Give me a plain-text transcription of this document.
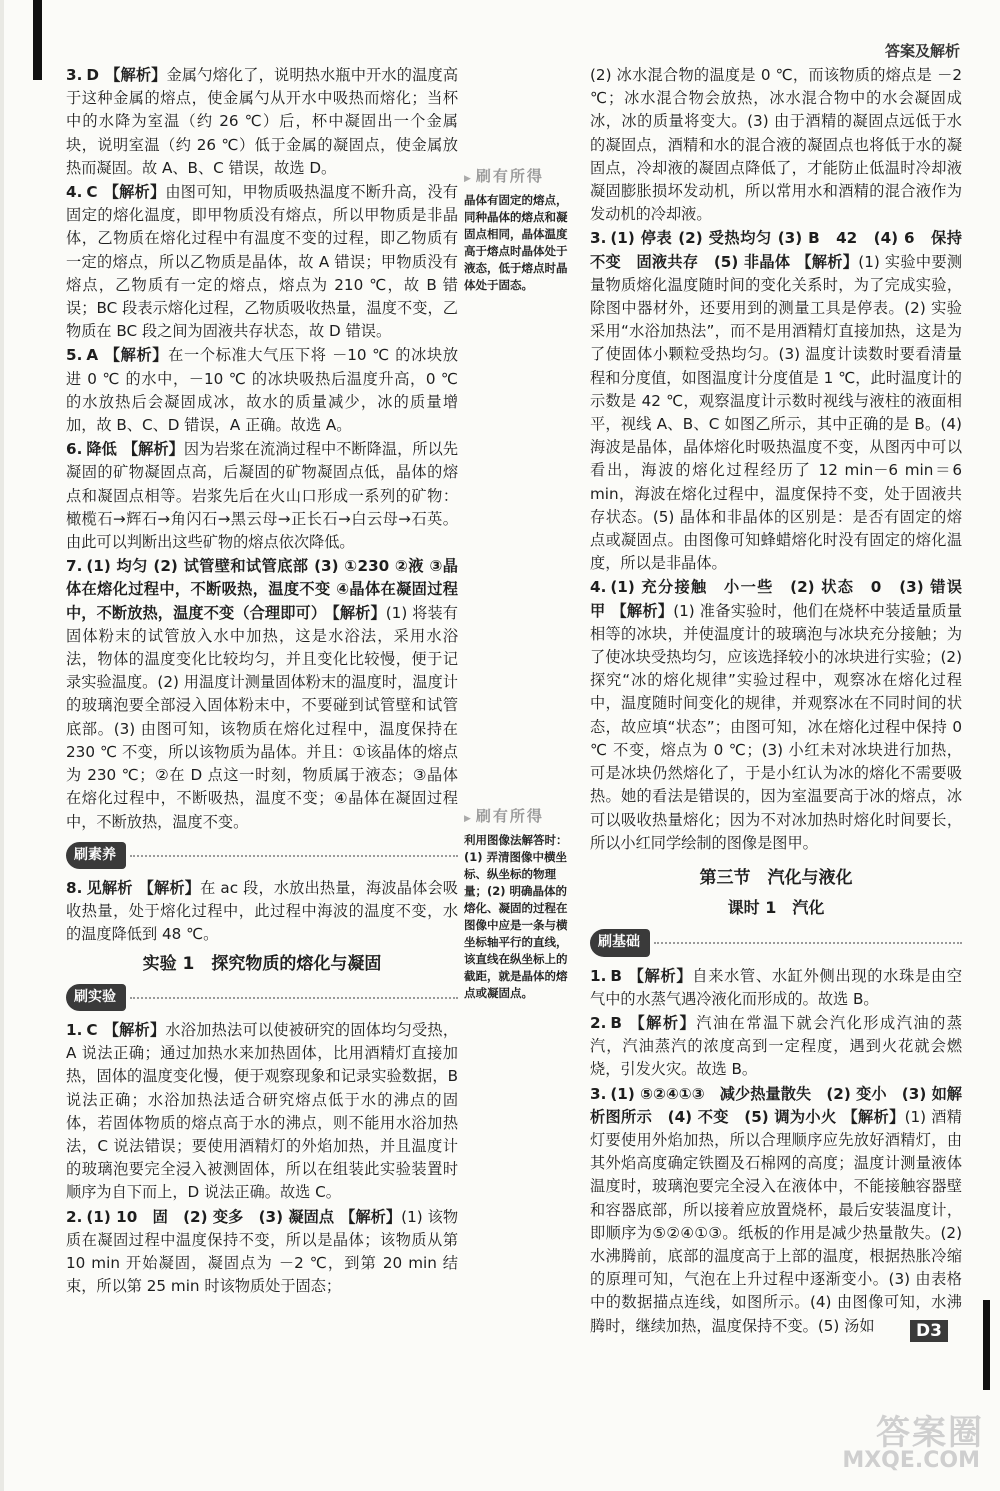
答案及解析
3. D 【解析】金属勺熔化了，说明热水瓶中开水的温度高于这种金属的熔点，使金属勺从开水中吸热而熔化；当杯中的水降为室温（约 26 ℃）后，杯中凝固出一个金属块，说明室温（约 26 ℃）低于金属的凝固点，使金属放热而凝固。故 A、B、C 错误，故选 D。
4. C 【解析】由图可知，甲物质吸热温度不断升高，没有固定的熔化温度，即甲物质没有熔点，所以甲物质是非晶体，乙物质在熔化过程中有温度不变的过程，即乙物质有一定的熔点，所以乙物质是晶体，故 A 错误；甲物质没有熔点，乙物质有一定的熔点，熔点为 210 ℃，故 B 错误；BC 段表示熔化过程，乙物质吸收热量，温度不变，乙物质在 BC 段之间为固液共存状态，故 D 错误。
5. A 【解析】在一个标准大气压下将 －10 ℃ 的冰块放进 0 ℃ 的水中，－10 ℃ 的冰块吸热后温度升高，0 ℃ 的水放热后会凝固成冰，故水的质量减少，冰的质量增加，故 B、C、D 错误，A 正确。故选 A。
6. 降低 【解析】因为岩浆在流淌过程中不断降温，所以先凝固的矿物凝固点高，后凝固的矿物凝固点低，晶体的熔点和凝固点相等。岩浆先后在火山口形成一系列的矿物：橄榄石→辉石→角闪石→黑云母→正长石→白云母→石英。由此可以判断出这些矿物的熔点依次降低。
7. (1) 均匀 (2) 试管壁和试管底部 (3) ①230 ②液 ③晶体在熔化过程中，不断吸热，温度不变 ④晶体在凝固过程中，不断放热，温度不变（合理即可） 【解析】(1) 将装有固体粉末的试管放入水中加热，这是水浴法，采用水浴法，物体的温度变化比较均匀，并且变化比较慢，便于记录实验温度。(2) 用温度计测量固体粉末的温度时，温度计的玻璃泡要全部浸入固体粉末中，不要碰到试管壁和试管底部。(3) 由图可知，该物质在熔化过程中，温度保持在 230 ℃ 不变，所以该物质为晶体。并且：①该晶体的熔点为 230 ℃；②在 D 点这一时刻，物质属于液态；③晶体在熔化过程中，不断吸热，温度不变；④晶体在凝固过程中，不断放热，温度不变。
刷素养
8. 见解析 【解析】在 ac 段，水放出热量，海波晶体会吸收热量，处于熔化过程中，此过程中海波的温度不变，水的温度降低到 48 ℃。
实验 1　探究物质的熔化与凝固
刷实验
1. C 【解析】水浴加热法可以使被研究的固体均匀受热，A 说法正确；通过加热水来加热固体，比用酒精灯直接加热，固体的温度变化慢，便于观察现象和记录实验数据，B 说法正确；水浴加热法适合研究熔点低于水的沸点的固体，若固体物质的熔点高于水的沸点，则不能用水浴加热法，C 说法错误；要使用酒精灯的外焰加热，并且温度计的玻璃泡要完全浸入被测固体，所以在组装此实验装置时顺序为自下而上，D 说法正确。故选 C。
2. (1) 10　固　(2) 变多　(3) 凝固点 【解析】(1) 该物质在凝固过程中温度保持不变，所以是晶体；该物质从第 10 min 开始凝固，凝固点为 －2 ℃，到第 20 min 结束，所以第 25 min 时该物质处于固态；
▶ 刷有所得
晶体有固定的熔点，同种晶体的熔点和凝固点相同，晶体温度高于熔点时晶体处于液态，低于熔点时晶体处于固态。
▶ 刷有所得
利用图像法解答时：(1) 弄清图像中横坐标、纵坐标的物理量；(2) 明确晶体的熔化、凝固的过程在图像中应是一条与横坐标轴平行的直线，该直线在纵坐标上的截距，就是晶体的熔点或凝固点。
(2) 冰水混合物的温度是 0 ℃，而该物质的熔点是 －2 ℃；冰水混合物会放热，冰水混合物中的水会凝固成冰，冰的质量将变大。(3) 由于酒精的凝固点远低于水的凝固点，酒精和水的混合液的凝固点也将低于水的凝固点，冷却液的凝固点降低了，才能防止低温时冷却液凝固膨胀损坏发动机，所以常用水和酒精的混合液作为发动机的冷却液。
3. (1) 停表 (2) 受热均匀 (3) B　42　(4) 6　保持不变　固液共存　(5) 非晶体 【解析】(1) 实验中要测量物质熔化温度随时间的变化关系时，为了完成实验，除图中器材外，还要用到的测量工具是停表。(2) 实验采用“水浴加热法”，而不是用酒精灯直接加热，这是为了使固体小颗粒受热均匀。(3) 温度计读数时要看清量程和分度值，如图温度计分度值是 1 ℃，此时温度计的示数是 42 ℃，观察温度计示数时视线与液柱的液面相平，视线 A、B、C 如图乙所示，其中正确的是 B。(4) 海波是晶体，晶体熔化时吸热温度不变，从图丙中可以看出，海波的熔化过程经历了 12 min－6 min＝6 min，海波在熔化过程中，温度保持不变，处于固液共存状态。(5) 晶体和非晶体的区别是：是否有固定的熔点或凝固点。由图像可知蜂蜡熔化时没有固定的熔化温度，所以是非晶体。
4. (1) 充分接触　小一些　(2) 状态　0　(3) 错误　甲 【解析】(1) 准备实验时，他们在烧杯中装适量质量相等的冰块，并使温度计的玻璃泡与冰块充分接触；为了使冰块受热均匀，应该选择较小的冰块进行实验；(2) 探究“冰的熔化规律”实验过程中，观察冰在熔化过程中，温度随时间变化的规律，并观察冰在不同时间的状态，故应填“状态”；由图可知，冰在熔化过程中保持 0 ℃ 不变，熔点为 0 ℃；(3) 小红未对冰块进行加热，可是冰块仍然熔化了，于是小红认为冰的熔化不需要吸热。她的看法是错误的，因为室温要高于冰的熔点，冰可以吸收热量熔化；因为不对冰加热时熔化时间要长，所以小红同学绘制的图像是图甲。
第三节　汽化与液化
课时 1　汽化
刷基础
1. B 【解析】自来水管、水缸外侧出现的水珠是由空气中的水蒸气遇冷液化而形成的。故选 B。
2. B 【解析】汽油在常温下就会汽化形成汽油的蒸汽，汽油蒸汽的浓度高到一定程度，遇到火花就会燃烧，引发火灾。故选 B。
3. (1) ⑤②④①③　减少热量散失　(2) 变小　(3) 如解析图所示　(4) 不变　(5) 调为小火 【解析】(1) 酒精灯要使用外焰加热，所以合理顺序应先放好酒精灯，由其外焰高度确定铁圈及石棉网的高度；温度计测量液体温度时，玻璃泡要完全浸入在液体中，不能接触容器壁和容器底部，所以接着应放置烧杯，最后安装温度计，即顺序为⑤②④①③。纸板的作用是减少热量散失。(2) 水沸腾前，底部的温度高于上部的温度，根据热胀冷缩的原理可知，气泡在上升过程中逐渐变小。(3) 由表格中的数据描点连线，如图所示。(4) 由图像可知，水沸腾时，继续加热，温度保持不变。(5) 汤如	D3
答案圈
MXQE.COM
